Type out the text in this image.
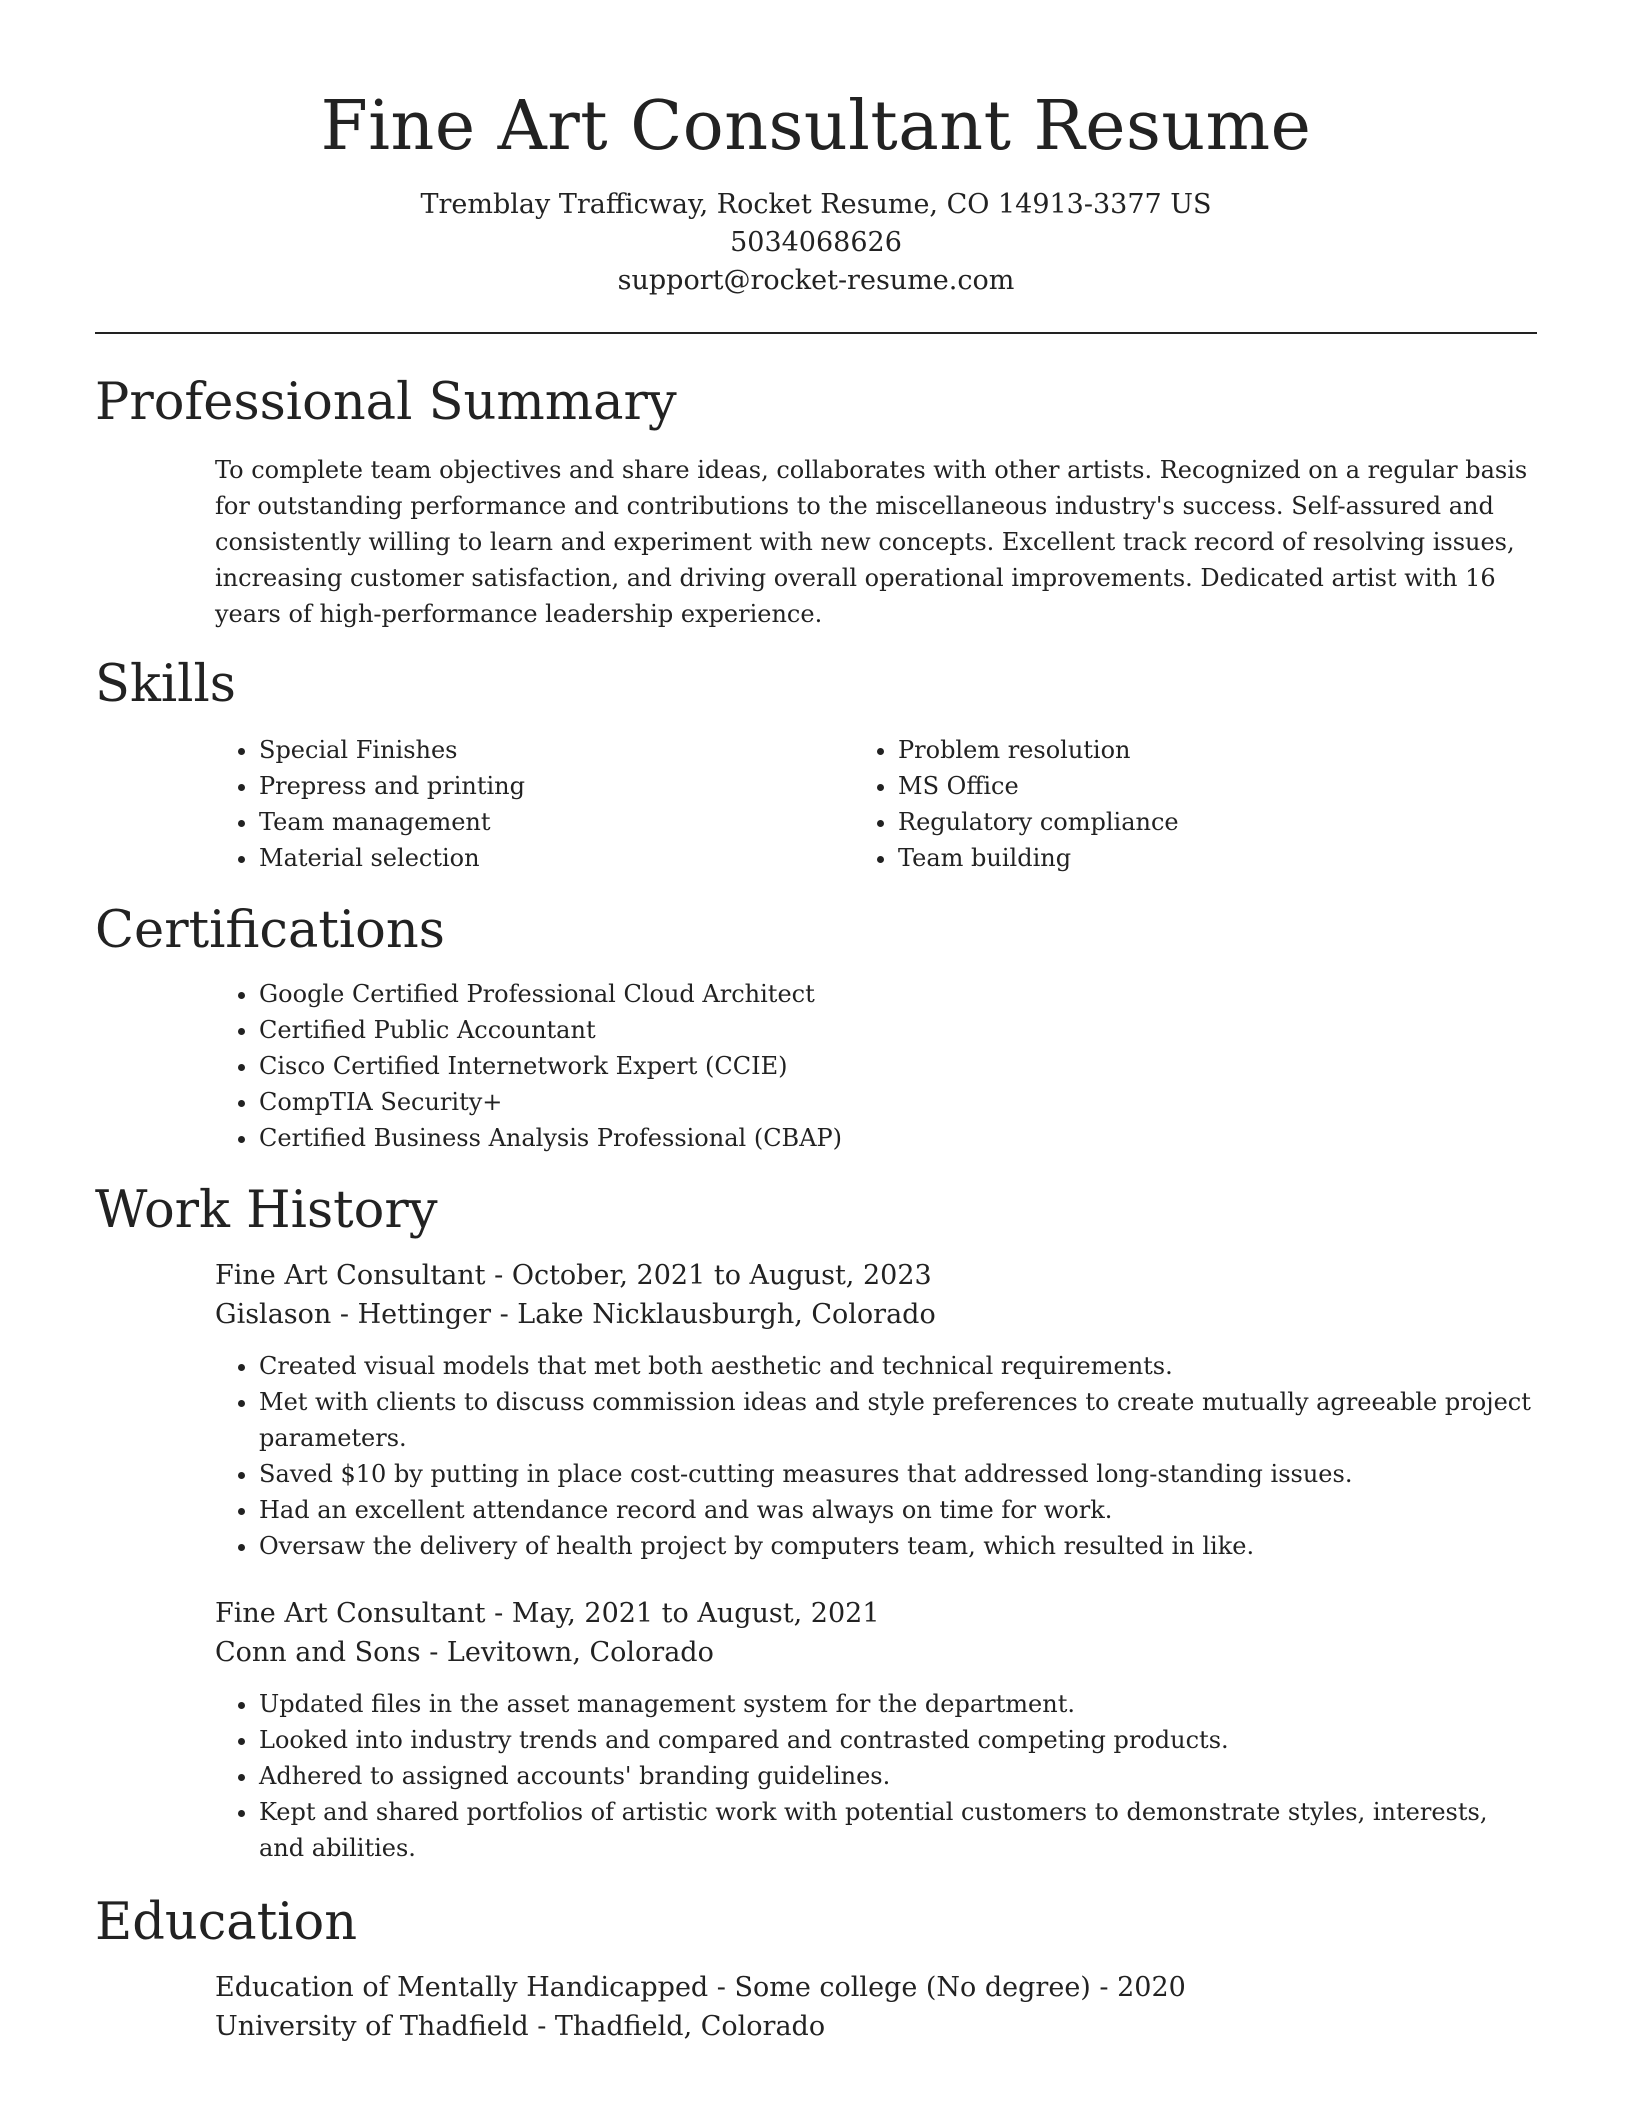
Fine Art Consultant Resume
Tremblay Trafficway, Rocket Resume, CO 14913-3377 US
5034068626
support@rocket-resume.com
Professional Summary
To complete team objectives and share ideas, collaborates with other artists. Recognized on a regular basis for outstanding performance and contributions to the miscellaneous industry's success. Self-assured and consistently willing to learn and experiment with new concepts. Excellent track record of resolving issues, increasing customer satisfaction, and driving overall operational improvements. Dedicated artist with 16 years of high-performance leadership experience.
Skills
• Special Finishes
• Prepress and printing
• Team management
• Material selection
• Problem resolution
• MS Office
• Regulatory compliance
• Team building
Certifications
• Google Certified Professional Cloud Architect
• Certified Public Accountant
• Cisco Certified Internetwork Expert (CCIE)
• CompTIA Security+
• Certified Business Analysis Professional (CBAP)
Work History
Fine Art Consultant - October, 2021 to August, 2023
Gislason - Hettinger - Lake Nicklausburgh, Colorado
• Created visual models that met both aesthetic and technical requirements.
• Met with clients to discuss commission ideas and style preferences to create mutually agreeable project parameters.
• Saved $10 by putting in place cost-cutting measures that addressed long-standing issues.
• Had an excellent attendance record and was always on time for work.
• Oversaw the delivery of health project by computers team, which resulted in like.
Fine Art Consultant - May, 2021 to August, 2021
Conn and Sons - Levitown, Colorado
• Updated files in the asset management system for the department.
• Looked into industry trends and compared and contrasted competing products.
• Adhered to assigned accounts' branding guidelines.
• Kept and shared portfolios of artistic work with potential customers to demonstrate styles, interests, and abilities.
Education
Education of Mentally Handicapped - Some college (No degree) - 2020
University of Thadfield - Thadfield, Colorado
